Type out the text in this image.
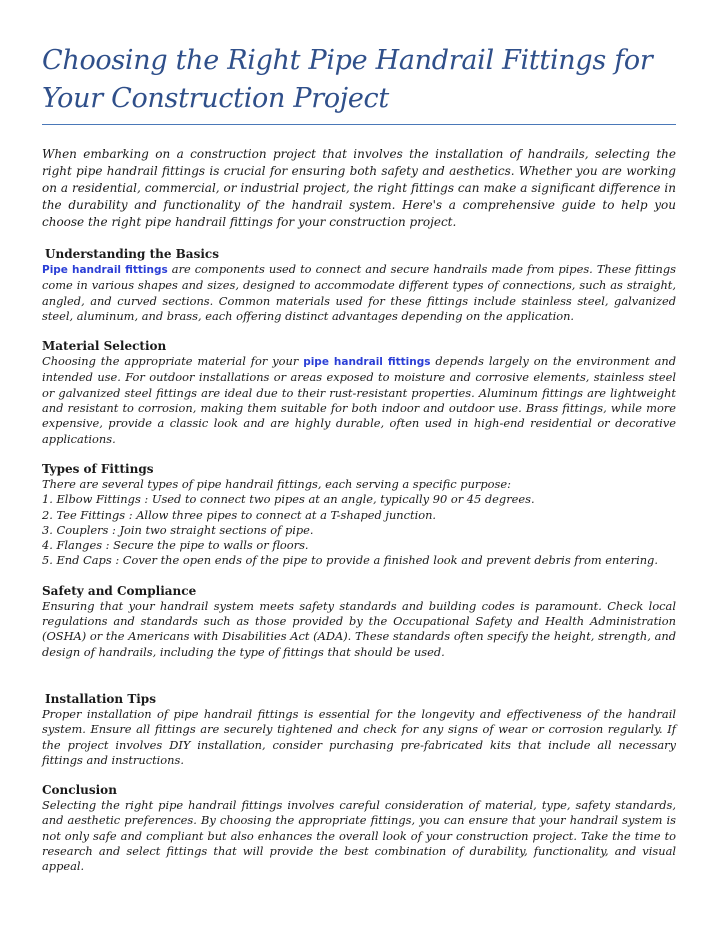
Choosing the Right Pipe Handrail Fittings for
Your Construction Project

When embarking on a construction project that involves the installation of handrails, selecting the right pipe handrail fittings is crucial for ensuring both safety and aesthetics. Whether you are working on a residential, commercial, or industrial project, the right fittings can make a significant difference in the durability and functionality of the handrail system. Here's a comprehensive guide to help you choose the right pipe handrail fittings for your construction project.

Understanding the Basics
Pipe handrail fittings are components used to connect and secure handrails made from pipes. These fittings come in various shapes and sizes, designed to accommodate different types of connections, such as straight, angled, and curved sections. Common materials used for these fittings include stainless steel, galvanized steel, aluminum, and brass, each offering distinct advantages depending on the application.
Material Selection
Choosing the appropriate material for your pipe handrail fittings depends largely on the environment and intended use. For outdoor installations or areas exposed to moisture and corrosive elements, stainless steel or galvanized steel fittings are ideal due to their rust-resistant properties. Aluminum fittings are lightweight and resistant to corrosion, making them suitable for both indoor and outdoor use. Brass fittings, while more expensive, provide a classic look and are highly durable, often used in high-end residential or decorative applications.
Types of Fittings
There are several types of pipe handrail fittings, each serving a specific purpose:
1. Elbow Fittings : Used to connect two pipes at an angle, typically 90 or 45 degrees.
2. Tee Fittings : Allow three pipes to connect at a T-shaped junction.
3. Couplers : Join two straight sections of pipe.
4. Flanges : Secure the pipe to walls or floors.
5. End Caps : Cover the open ends of the pipe to provide a finished look and prevent debris from entering.
Safety and Compliance
Ensuring that your handrail system meets safety standards and building codes is paramount. Check local regulations and standards such as those provided by the Occupational Safety and Health Administration (OSHA) or the Americans with Disabilities Act (ADA). These standards often specify the height, strength, and design of handrails, including the type of fittings that should be used.
Installation Tips
Proper installation of pipe handrail fittings is essential for the longevity and effectiveness of the handrail system. Ensure all fittings are securely tightened and check for any signs of wear or corrosion regularly. If the project involves DIY installation, consider purchasing pre-fabricated kits that include all necessary fittings and instructions.
Conclusion
Selecting the right pipe handrail fittings involves careful consideration of material, type, safety standards, and aesthetic preferences. By choosing the appropriate fittings, you can ensure that your handrail system is not only safe and compliant but also enhances the overall look of your construction project. Take the time to research and select fittings that will provide the best combination of durability, functionality, and visual appeal.
